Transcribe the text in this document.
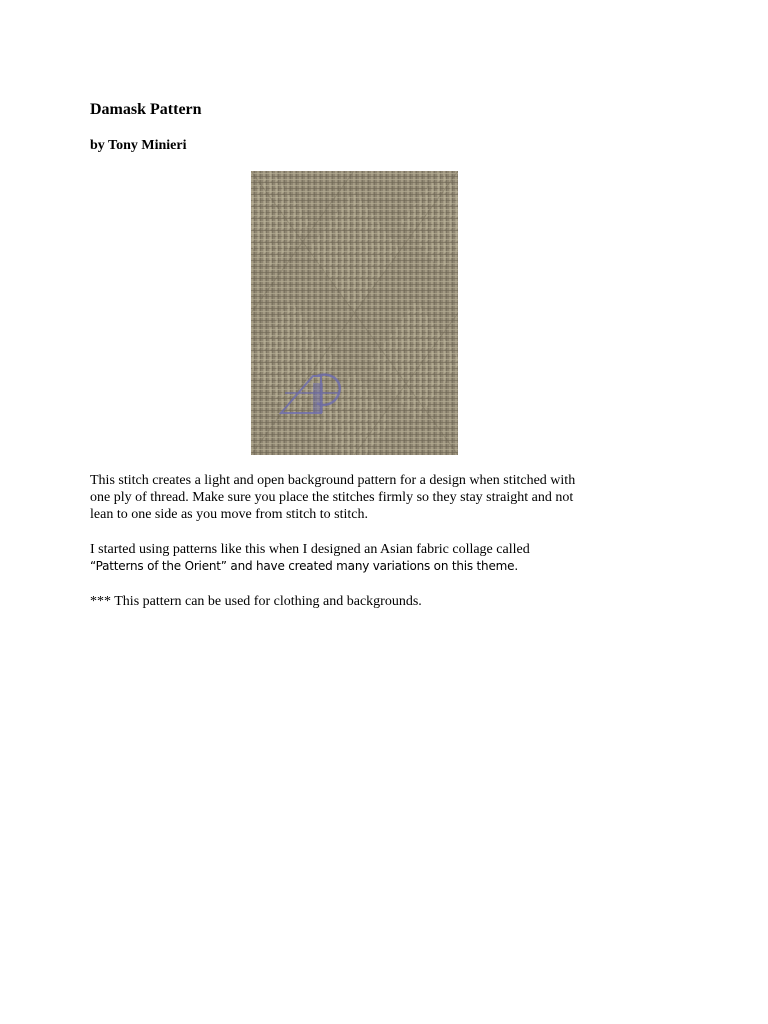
Damask Pattern

by Tony Minieri

This stitch creates a light and open background pattern for a design when stitched with
one ply of thread. Make sure you place the stitches firmly so they stay straight and not
lean to one side as you move from stitch to stitch.

I started using patterns like this when I designed an Asian fabric collage called
“Patterns of the Orient” and have created many variations on this theme.

*** This pattern can be used for clothing and backgrounds.
